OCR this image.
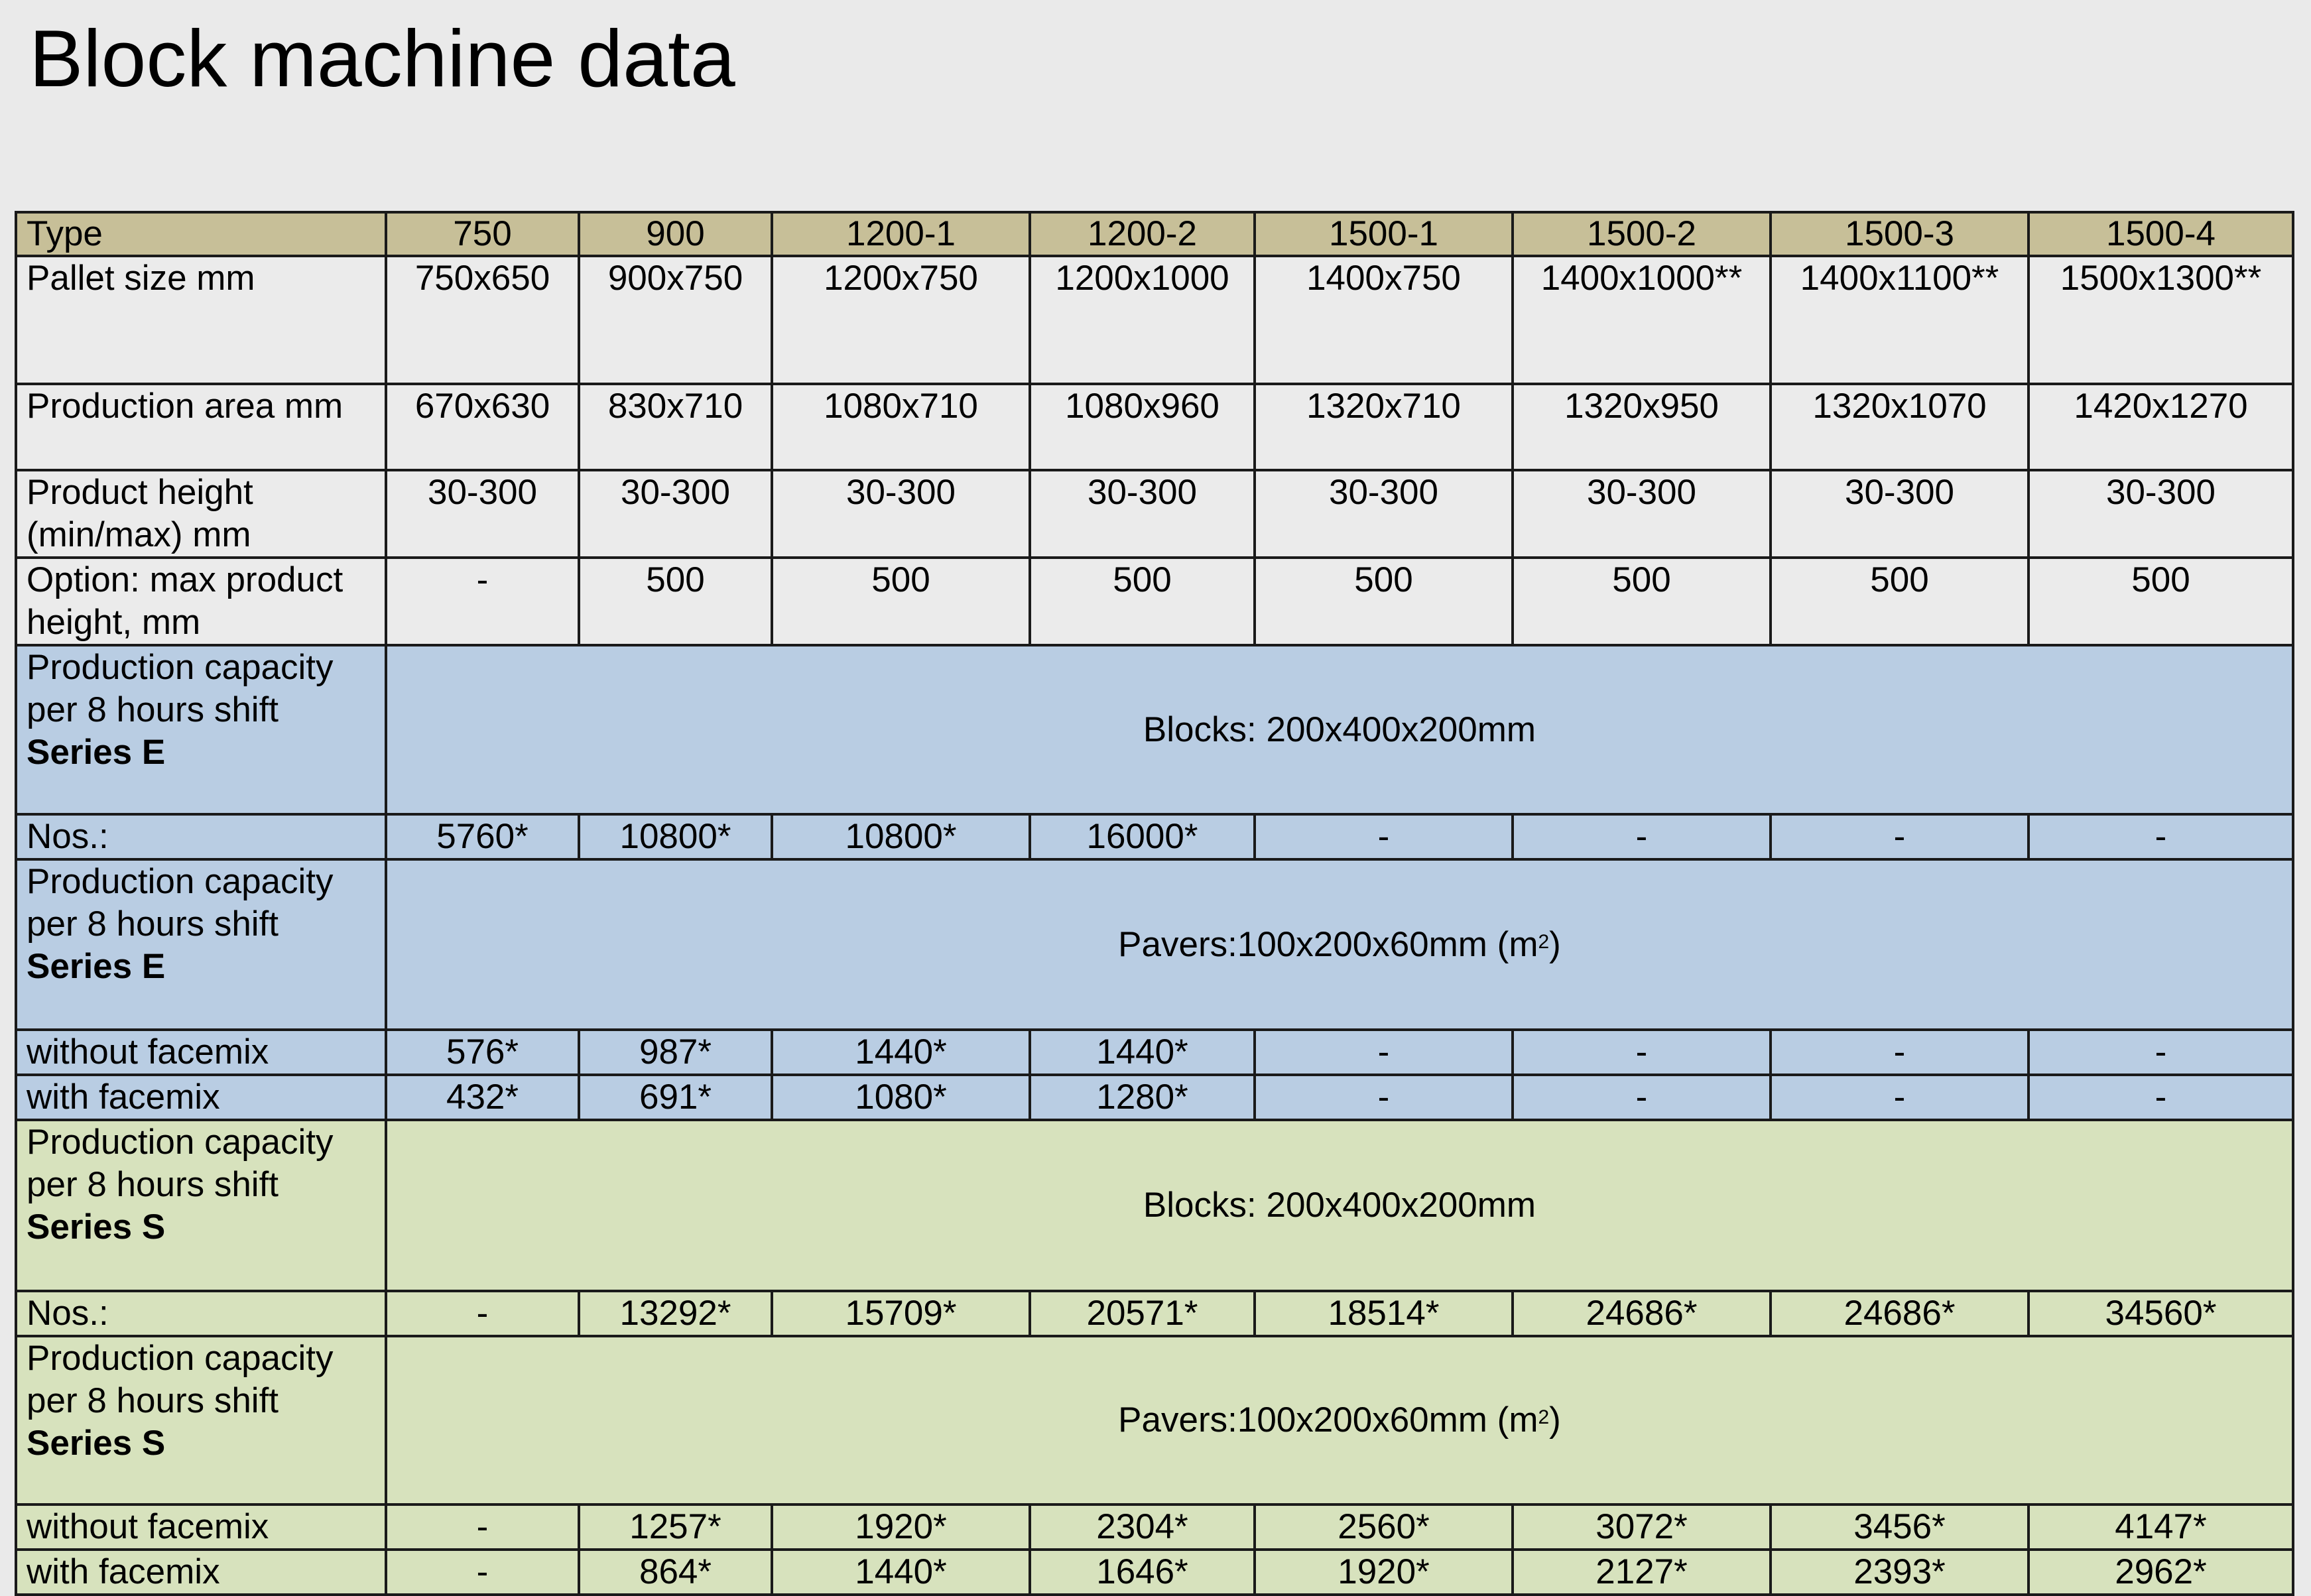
Block machine data
Type	750	900	1200-1	1200-2	1500-1	1500-2	1500-3	1500-4
Pallet size mm	750x650	900x750	1200x750	1200x1000	1400x750	1400x1000**	1400x1100**	1500x1300**
Production area mm	670x630	830x710	1080x710	1080x960	1320x710	1320x950	1320x1070	1420x1270
Product height
(min/max) mm	30-300	30-300	30-300	30-300	30-300	30-300	30-300	30-300
Option: max product
height, mm	-	500	500	500	500	500	500	500
Production capacity
per 8 hours shift
Series E	Blocks: 200x400x200mm							
Nos.:	5760*	10800*	10800*	16000*	-	-	-	-
Production capacity
per 8 hours shift
Series E	Pavers:100x200x60mm $(m^2)$							
without facemix	576*	987*	1440*	1440*	-	-	-	-
with facemix	432*	691*	1080*	1280*	-	-	-	-
Production capacity
per 8 hours shift
Series S	Blocks: 200x400x200mm							
Nos.:	-	13292*	15709*	20571*	18514*	24686*	24686*	34560*
Production capacity
per 8 hours shift
Series S	Pavers:100x200x60mm $(m^2)$							
without facemix	-	1257*	1920*	2304*	2560*	3072*	3456*	4147*
with facemix	-	864*	1440*	1646*	1920*	2127*	2393*	2962*
